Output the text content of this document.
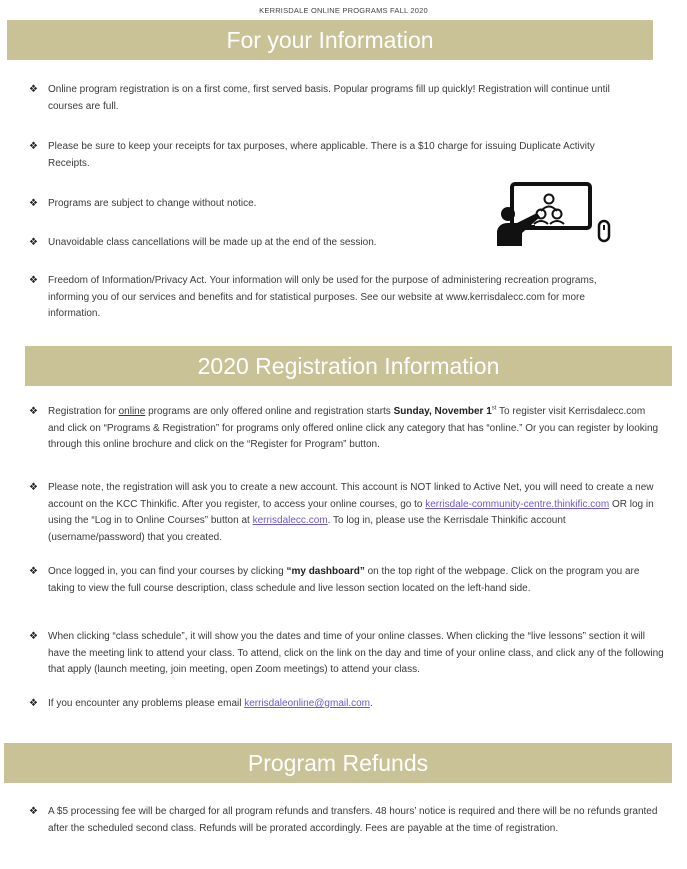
KERRISDALE ONLINE PROGRAMS FALL 2020
For your Information
❖ Online program registration is on a first come, first served basis. Popular programs fill up quickly! Registration will continue until courses are full.
❖ Please be sure to keep your receipts for tax purposes, where applicable. There is a $10 charge for issuing Duplicate Activity Receipts.
❖ Programs are subject to change without notice.
❖ Unavoidable class cancellations will be made up at the end of the session.
❖ Freedom of Information/Privacy Act. Your information will only be used for the purpose of administering recreation programs, informing you of our services and benefits and for statistical purposes. See our website at www.kerrisdalecc.com for more information.
2020 Registration Information
❖ Registration for online programs are only offered online and registration starts Sunday, November 1st To register visit Kerrisdalecc.com and click on “Programs & Registration” for programs only offered online click any category that has “online.” Or you can register by looking through this online brochure and click on the “Register for Program” button.
❖ Please note, the registration will ask you to create a new account. This account is NOT linked to Active Net, you will need to create a new account on the KCC Thinkific. After you register, to access your online courses, go to kerrisdale-community-centre.thinkific.com OR log in using the “Log in to Online Courses” button at kerrisdalecc.com. To log in, please use the Kerrisdale Thinkific account (username/password) that you created.
❖ Once logged in, you can find your courses by clicking “my dashboard” on the top right of the webpage. Click on the program you are taking to view the full course description, class schedule and live lesson section located on the left-hand side.
❖ When clicking “class schedule”, it will show you the dates and time of your online classes. When clicking the “live lessons” section it will have the meeting link to attend your class. To attend, click on the link on the day and time of your online class, and click any of the following that apply (launch meeting, join meeting, open Zoom meetings) to attend your class.
❖ If you encounter any problems please email kerrisdaleonline@gmail.com.
Program Refunds
❖ A $5 processing fee will be charged for all program refunds and transfers. 48 hours’ notice is required and there will be no refunds granted after the scheduled second class. Refunds will be prorated accordingly. Fees are payable at the time of registration.
